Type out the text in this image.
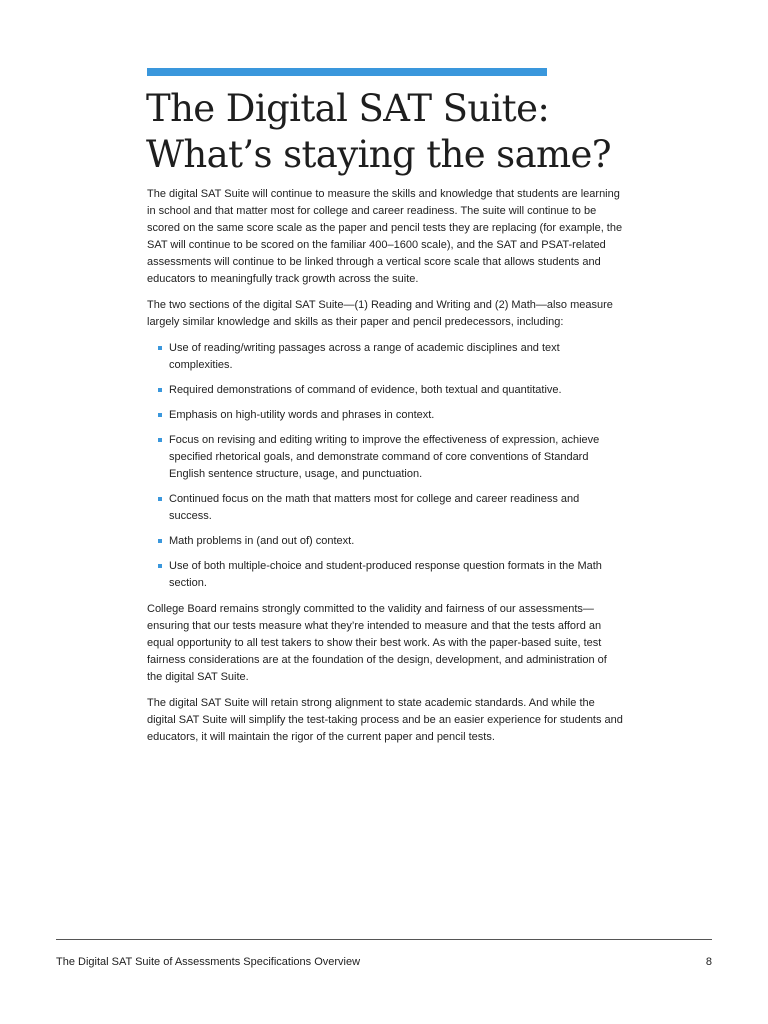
The Digital SAT Suite:
What’s staying the same?

The digital SAT Suite will continue to measure the skills and knowledge that students are learning in school and that matter most for college and career readiness. The suite will continue to be scored on the same score scale as the paper and pencil tests they are replacing (for example, the SAT will continue to be scored on the familiar 400–1600 scale), and the SAT and PSAT-related assessments will continue to be linked through a vertical score scale that allows students and educators to meaningfully track growth across the suite.

The two sections of the digital SAT Suite—(1) Reading and Writing and (2) Math—also measure largely similar knowledge and skills as their paper and pencil predecessors, including:

Use of reading/writing passages across a range of academic disciplines and text complexities.
Required demonstrations of command of evidence, both textual and quantitative.
Emphasis on high-utility words and phrases in context.
Focus on revising and editing writing to improve the effectiveness of expression, achieve specified rhetorical goals, and demonstrate command of core conventions of Standard English sentence structure, usage, and punctuation.
Continued focus on the math that matters most for college and career readiness and success.
Math problems in (and out of) context.
Use of both multiple-choice and student-produced response question formats in the Math section.

College Board remains strongly committed to the validity and fairness of our assessments—ensuring that our tests measure what they’re intended to measure and that the tests afford an equal opportunity to all test takers to show their best work. As with the paper-based suite, test fairness considerations are at the foundation of the design, development, and administration of the digital SAT Suite.

The digital SAT Suite will retain strong alignment to state academic standards. And while the digital SAT Suite will simplify the test-taking process and be an easier experience for students and educators, it will maintain the rigor of the current paper and pencil tests.

The Digital SAT Suite of Assessments Specifications Overview	8
